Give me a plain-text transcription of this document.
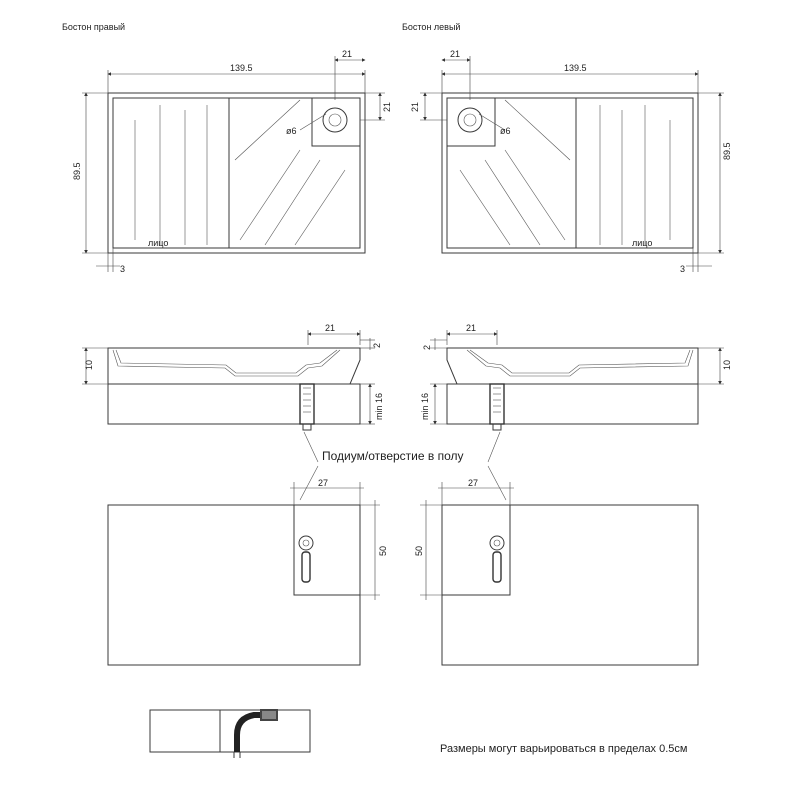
Бостон правый	Бостон левый
ø6
лицо
139.5
21
21
89.5
3
ø6
лицо
139.5
21
21
89.5
3
10
21
2
min 16
10
21
2
min 16
Подиум/отверстие в полу
27
50
27
50
Размеры могут варьироваться в пределах 0.5см
